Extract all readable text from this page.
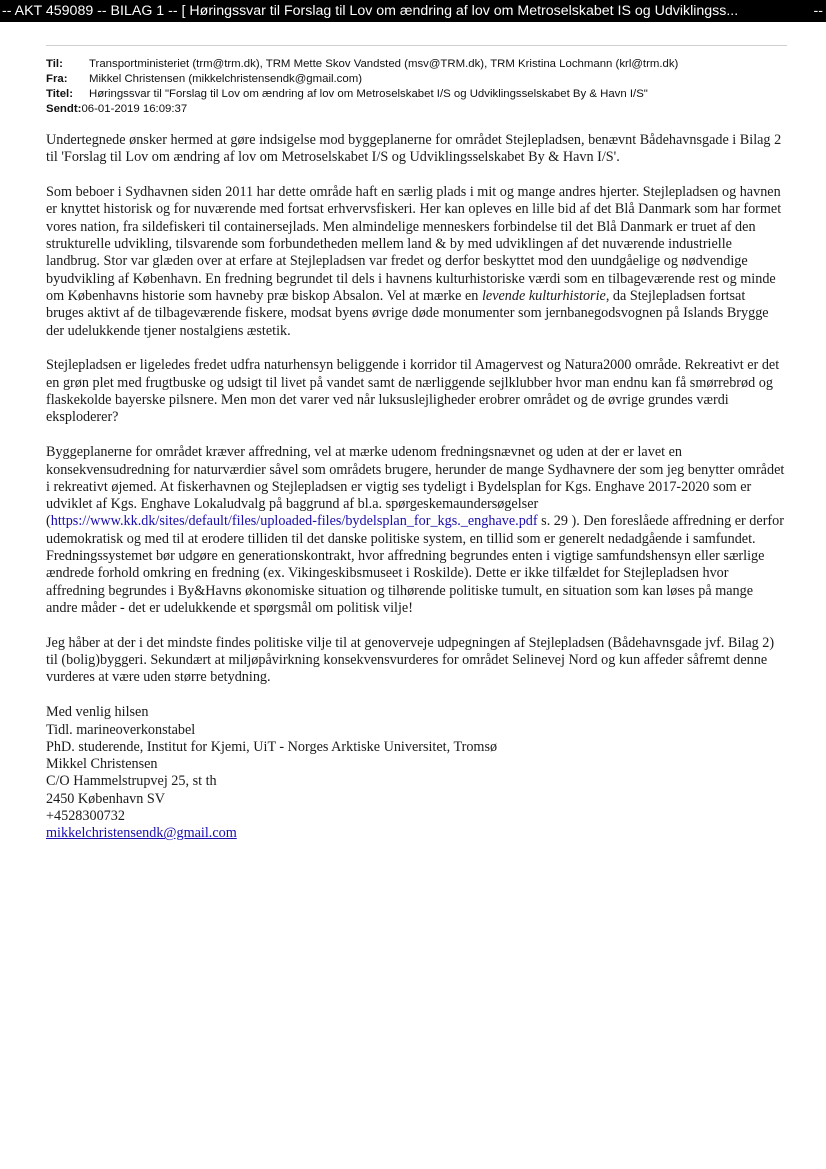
-- AKT 459089 -- BILAG 1 -- [ Høringssvar til Forslag til Lov om ændring af lov om Metroselskabet IS og Udviklingss...	--
Til:	Transportministeriet (trm@trm.dk), TRM Mette Skov Vandsted (msv@TRM.dk), TRM Kristina Lochmann (krl@trm.dk)
Fra:	Mikkel Christensen (mikkelchristensendk@gmail.com)
Titel:	Høringssvar til "Forslag til Lov om ændring af lov om Metroselskabet I/S og Udviklingsselskabet By & Havn I/S"
Sendt: 06-01-2019 16:09:37

Undertegnede ønsker hermed at gøre indsigelse mod byggeplanerne for området Stejlepladsen, benævnt Bådehavnsgade i Bilag 2 til 'Forslag til Lov om ændring af lov om Metroselskabet I/S og Udviklingsselskabet By & Havn I/S'.

Som beboer i Sydhavnen siden 2011 har dette område haft en særlig plads i mit og mange andres hjerter. Stejlepladsen og havnen er knyttet historisk og for nuværende med fortsat erhvervsfiskeri. Her kan opleves en lille bid af det Blå Danmark som har formet vores nation, fra sildefiskeri til containersejlads. Men almindelige menneskers forbindelse til det Blå Danmark er truet af den strukturelle udvikling, tilsvarende som forbundetheden mellem land & by med udviklingen af det nuværende industrielle landbrug. Stor var glæden over at erfare at Stejlepladsen var fredet og derfor beskyttet mod den uundgåelige og nødvendige byudvikling af København. En fredning begrundet til dels i havnens kulturhistoriske værdi som en tilbageværende rest og minde om Københavns historie som havneby præ biskop Absalon. Vel at mærke en levende kulturhistorie, da Stejlepladsen fortsat bruges aktivt af de tilbageværende fiskere, modsat byens øvrige døde monumenter som jernbanegodsvognen på Islands Brygge der udelukkende tjener nostalgiens æstetik.

Stejlepladsen er ligeledes fredet udfra naturhensyn beliggende i korridor til Amagervest og Natura2000 område. Rekreativt er det en grøn plet med frugtbuske og udsigt til livet på vandet samt de nærliggende sejlklubber hvor man endnu kan få smørrebrød og flaskekolde bayerske pilsnere. Men mon det varer ved når luksuslejligheder erobrer området og de øvrige grundes værdi eksploderer?

Byggeplanerne for området kræver affredning, vel at mærke udenom fredningsnævnet og uden at der er lavet en konsekvensudredning for naturværdier såvel som områdets brugere, herunder de mange Sydhavnere der som jeg benytter området i rekreativt øjemed. At fiskerhavnen og Stejlepladsen er vigtig ses tydeligt i Bydelsplan for Kgs. Enghave 2017-2020 som er udviklet af Kgs. Enghave Lokaludvalg på baggrund af bl.a. spørgeskemaundersøgelser (https://www.kk.dk/sites/default/files/uploaded-files/bydelsplan_for_kgs._enghave.pdf s. 29 ). Den foreslåede affredning er derfor udemokratisk og med til at erodere tilliden til det danske politiske system, en tillid som er generelt nedadgående i samfundet. Fredningssystemet bør udgøre en generationskontrakt, hvor affredning begrundes enten i vigtige samfundshensyn eller særlige ændrede forhold omkring en fredning (ex. Vikingeskibsmuseet i Roskilde). Dette er ikke tilfældet for Stejlepladsen hvor affredning begrundes i By&Havns økonomiske situation og tilhørende politiske tumult, en situation som kan løses på mange andre måder - det er udelukkende et spørgsmål om politisk vilje!

Jeg håber at der i det mindste findes politiske vilje til at genoverveje udpegningen af Stejlepladsen (Bådehavnsgade jvf. Bilag 2) til (bolig)byggeri. Sekundært at miljøpåvirkning konsekvensvurderes for området Selinevej Nord og kun affeder såfremt denne vurderes at være uden større betydning.

Med venlig hilsen
Tidl. marineoverkonstabel
PhD. studerende, Institut for Kjemi, UiT - Norges Arktiske Universitet, Tromsø
Mikkel Christensen
C/O Hammelstrupvej 25, st th
2450 København SV
+4528300732
mikkelchristensendk@gmail.com
